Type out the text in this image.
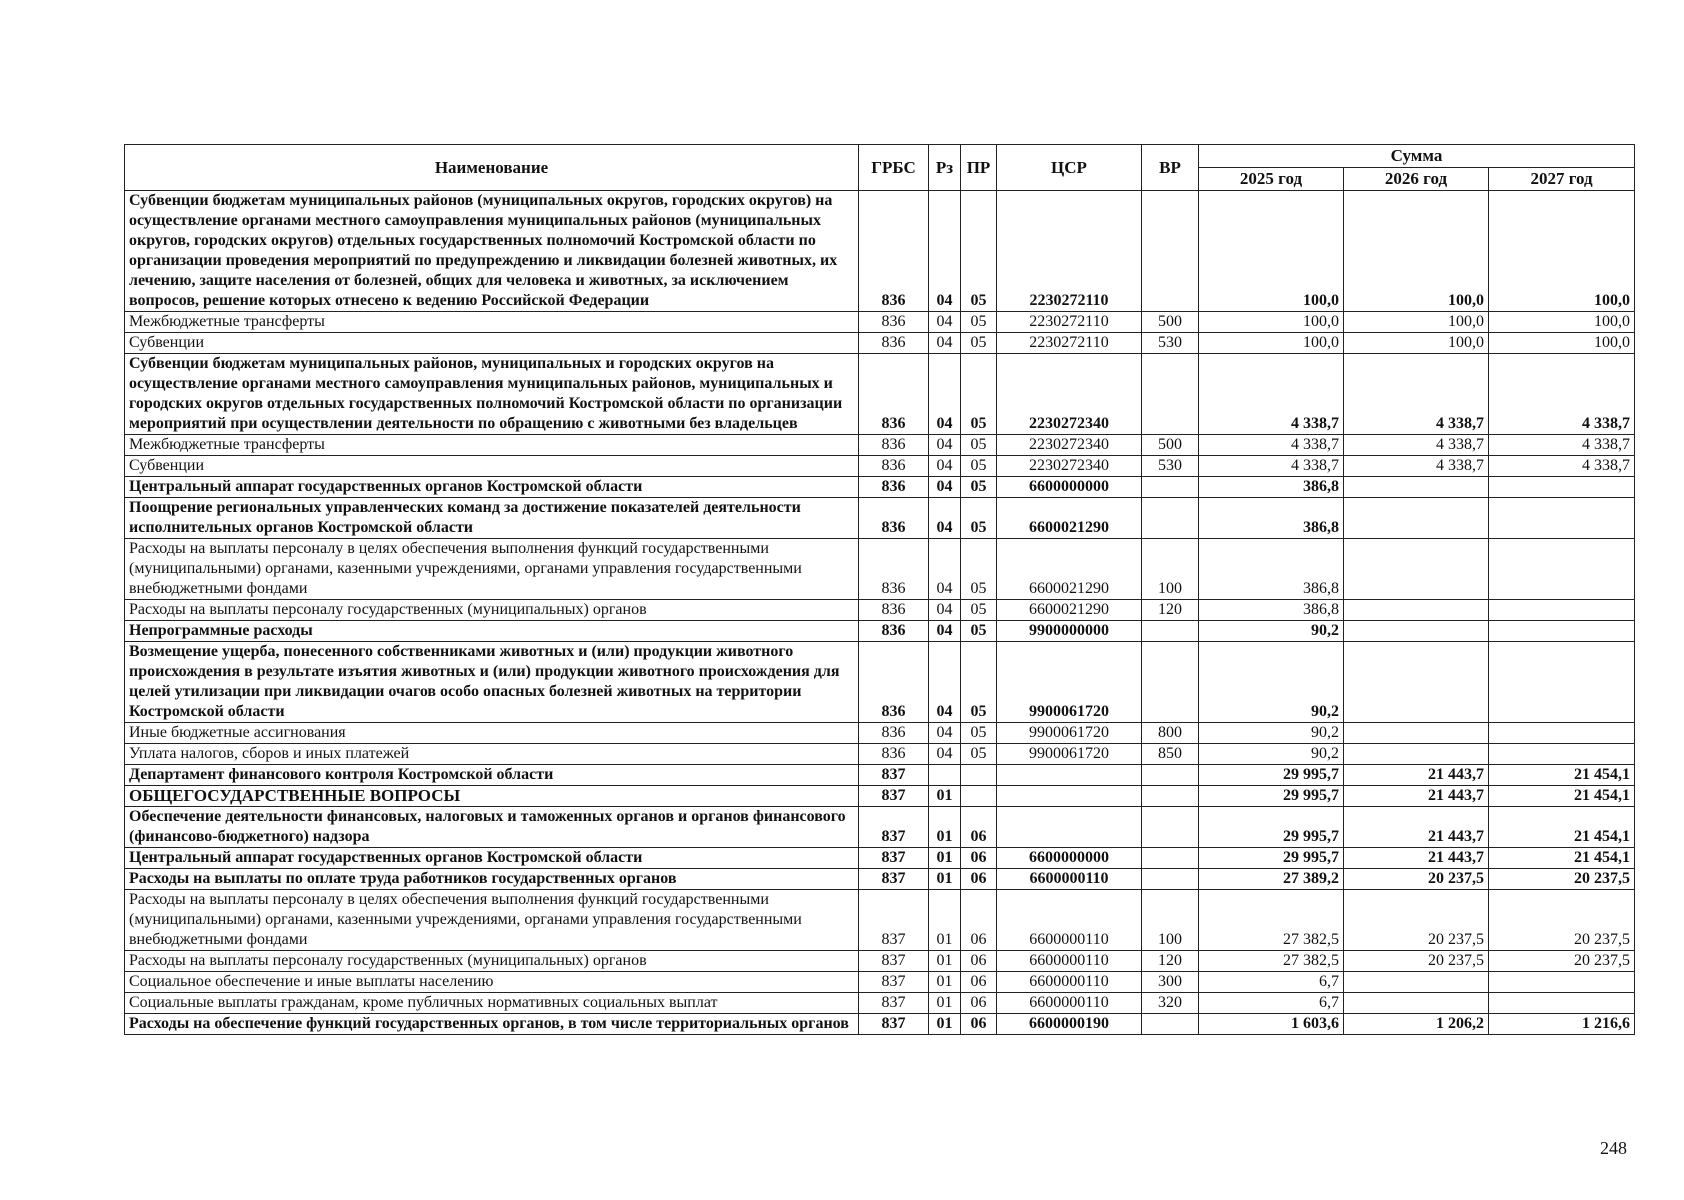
Наименование	ГРБС	Рз	ПР	ЦСР	ВР	Сумма		
						2025 год	2026 год	2027 год
Субвенции бюджетам муниципальных районов (муниципальных округов, городских округов) на осуществление органами местного самоуправления муниципальных районов (муниципальных округов, городских округов) отдельных государственных полномочий Костромской области по организации проведения мероприятий по предупреждению и ликвидации болезней животных, их лечению, защите населения от болезней, общих для человека и животных, за исключением вопросов, решение которых отнесено к ведению Российской Федерации	836	04	05	2230272110		100,0	100,0	100,0
Межбюджетные трансферты	836	04	05	2230272110	500	100,0	100,0	100,0
Субвенции	836	04	05	2230272110	530	100,0	100,0	100,0
Субвенции бюджетам муниципальных районов, муниципальных и городских округов на осуществление органами местного самоуправления муниципальных районов, муниципальных и городских округов отдельных государственных полномочий Костромской области по организации мероприятий при осуществлении деятельности по обращению с животными без владельцев	836	04	05	2230272340		4 338,7	4 338,7	4 338,7
Межбюджетные трансферты	836	04	05	2230272340	500	4 338,7	4 338,7	4 338,7
Субвенции	836	04	05	2230272340	530	4 338,7	4 338,7	4 338,7
Центральный аппарат государственных органов Костромской области	836	04	05	6600000000		386,8		
Поощрение региональных управленческих команд за достижение показателей деятельности исполнительных органов Костромской области	836	04	05	6600021290		386,8		
Расходы на выплаты персоналу в целях обеспечения выполнения функций государственными (муниципальными) органами, казенными учреждениями, органами управления государственными внебюджетными фондами	836	04	05	6600021290	100	386,8		
Расходы на выплаты персоналу государственных (муниципальных) органов	836	04	05	6600021290	120	386,8		
Непрограммные расходы	836	04	05	9900000000		90,2		
Возмещение ущерба, понесенного собственниками животных и (или) продукции животного происхождения в результате изъятия животных и (или) продукции животного происхождения для целей утилизации при ликвидации очагов особо опасных болезней животных на территории Костромской области	836	04	05	9900061720		90,2		
Иные бюджетные ассигнования	836	04	05	9900061720	800	90,2		
Уплата налогов, сборов и иных платежей	836	04	05	9900061720	850	90,2		
Департамент финансового контроля Костромской области	837					29 995,7	21 443,7	21 454,1
ОБЩЕГОСУДАРСТВЕННЫЕ ВОПРОСЫ	837	01				29 995,7	21 443,7	21 454,1
Обеспечение деятельности финансовых, налоговых и таможенных органов и органов финансового (финансово-бюджетного) надзора	837	01	06			29 995,7	21 443,7	21 454,1
Центральный аппарат государственных органов Костромской области	837	01	06	6600000000		29 995,7	21 443,7	21 454,1
Расходы на выплаты по оплате труда работников государственных органов	837	01	06	6600000110		27 389,2	20 237,5	20 237,5
Расходы на выплаты персоналу в целях обеспечения выполнения функций государственными (муниципальными) органами, казенными учреждениями, органами управления государственными внебюджетными фондами	837	01	06	6600000110	100	27 382,5	20 237,5	20 237,5
Расходы на выплаты персоналу государственных (муниципальных) органов	837	01	06	6600000110	120	27 382,5	20 237,5	20 237,5
Социальное обеспечение и иные выплаты населению	837	01	06	6600000110	300	6,7		
Социальные выплаты гражданам, кроме публичных нормативных социальных выплат	837	01	06	6600000110	320	6,7		
Расходы на обеспечение функций государственных органов, в том числе территориальных органов	837	01	06	6600000190		1 603,6	1 206,2	1 216,6
248
